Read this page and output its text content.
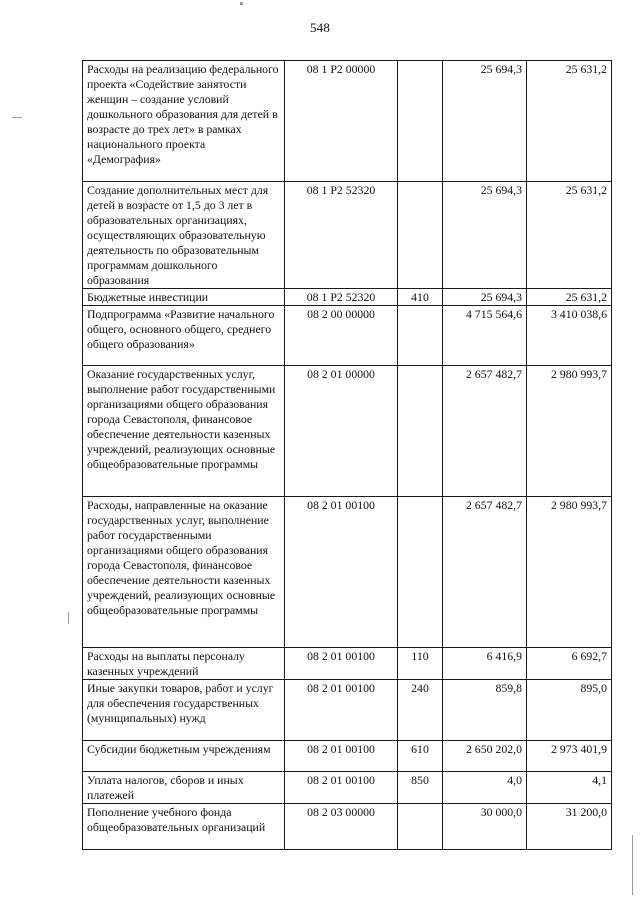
548
Расходы на реализацию федерального проекта «Содействие занятости женщин – создание условий дошкольного образования для детей в возрасте до трех лет» в рамках национального проекта «Демография»	08 1 P2 00000		25 694,3	25 631,2
Создание дополнительных мест для детей в возрасте от 1,5 до 3 лет в образовательных организациях, осуществляющих образовательную деятельность по образовательным программам дошкольного образования	08 1 P2 52320		25 694,3	25 631,2
Бюджетные инвестиции	08 1 P2 52320	410	25 694,3	25 631,2
Подпрограмма «Развитие начального общего, основного общего, среднего общего образования»	08 2 00 00000		4 715 564,6	3 410 038,6
Оказание государственных услуг, выполнение работ государственными организациями общего образования города Севастополя, финансовое обеспечение деятельности казенных учреждений, реализующих основные общеобразовательные программы	08 2 01 00000		2 657 482,7	2 980 993,7
Расходы, направленные на оказание государственных услуг, выполнение работ государственными организациями общего образования города Севастополя, финансовое обеспечение деятельности казенных учреждений, реализующих основные общеобразовательные программы	08 2 01 00100		2 657 482,7	2 980 993,7
Расходы на выплаты персоналу казенных учреждений	08 2 01 00100	110	6 416,9	6 692,7
Иные закупки товаров, работ и услуг для обеспечения государственных (муниципальных) нужд	08 2 01 00100	240	859,8	895,0
Субсидии бюджетным учреждениям	08 2 01 00100	610	2 650 202,0	2 973 401,9
Уплата налогов, сборов и иных платежей	08 2 01 00100	850	4,0	4,1
Пополнение учебного фонда общеобразовательных организаций	08 2 03 00000		30 000,0	31 200,0
